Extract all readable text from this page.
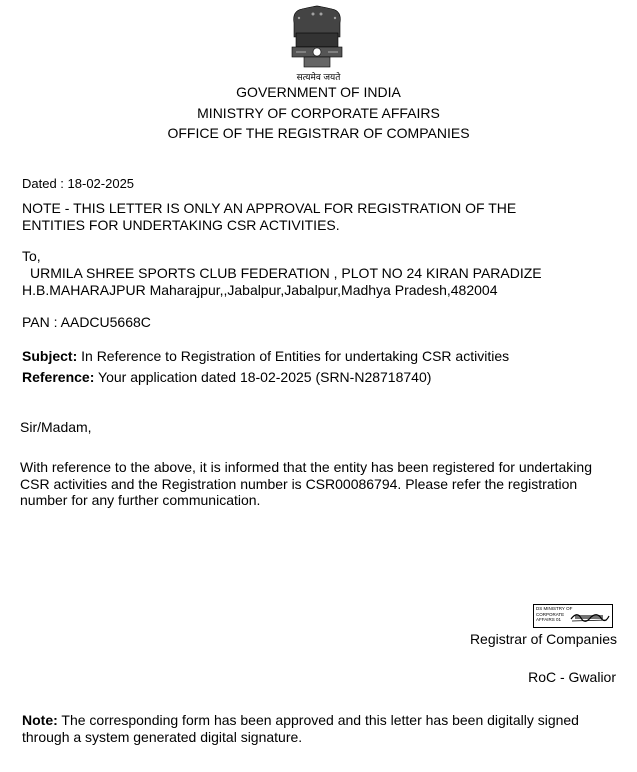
सत्यमेव जयते
GOVERNMENT OF INDIA
MINISTRY OF CORPORATE AFFAIRS
OFFICE OF THE REGISTRAR OF COMPANIES
Dated : 18-02-2025
NOTE - THIS LETTER IS ONLY AN APPROVAL FOR REGISTRATION OF THE ENTITIES FOR UNDERTAKING CSR ACTIVITIES.
To,
URMILA SHREE SPORTS CLUB FEDERATION , PLOT NO 24 KIRAN PARADIZE
H.B.MAHARAJPUR Maharajpur,,Jabalpur,Jabalpur,Madhya Pradesh,482004
PAN : AADCU5668C
Subject: In Reference to Registration of Entities for undertaking CSR activities
Reference: Your application dated 18-02-2025 (SRN-N28718740)
Sir/Madam,
With reference to the above, it is informed that the entity has been registered for undertaking CSR activities and the Registration number is CSR00086794. Please refer the registration number for any further communication.
DS MINISTRY OF
CORPORATE
AFFAIRS 01
Registrar of Companies
RoC - Gwalior
Note: The corresponding form has been approved and this letter has been digitally signed through a system generated digital signature.
